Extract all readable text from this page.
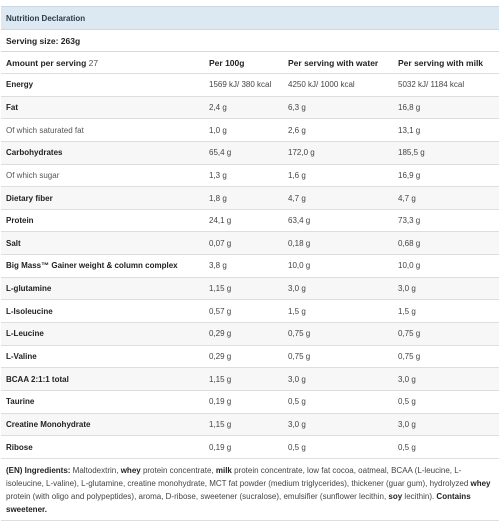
Nutrition Declaration
Serving size: 263g
Amount per serving 27	Per 100g	Per serving with water	Per serving with milk
Energy	1569 kJ/ 380 kcal	4250 kJ/ 1000 kcal	5032 kJ/ 1184 kcal
Fat	2,4 g	6,3 g	16,8 g
Of which saturated fat	1,0 g	2,6 g	13,1 g
Carbohydrates	65,4 g	172,0 g	185,5 g
Of which sugar	1,3 g	1,6 g	16,9 g
Dietary fiber	1,8 g	4,7 g	4,7 g
Protein	24,1 g	63,4 g	73,3 g
Salt	0,07 g	0,18 g	0,68 g
Big Mass™ Gainer weight & column complex	3,8 g	10,0 g	10,0 g
L-glutamine	1,15 g	3,0 g	3,0 g
L-Isoleucine	0,57 g	1,5 g	1,5 g
L-Leucine	0,29 g	0,75 g	0,75 g
L-Valine	0,29 g	0,75 g	0,75 g
BCAA 2:1:1 total	1,15 g	3,0 g	3,0 g
Taurine	0,19 g	0,5 g	0,5 g
Creatine Monohydrate	1,15 g	3,0 g	3,0 g
Ribose	0,19 g	0,5 g	0,5 g
(EN) Ingredients: Maltodextrin, whey protein concentrate, milk protein concentrate, low fat cocoa, oatmeal, BCAA (L-leucine, L-isoleucine, L-valine), L-glutamine, creatine monohydrate, MCT fat powder (medium triglycerides), thickener (guar gum), hydrolyzed whey protein (with oligo and polypeptides), aroma, D-ribose, sweetener (sucralose), emulsifier (sunflower lecithin, soy lecithin). Contains sweetener.
